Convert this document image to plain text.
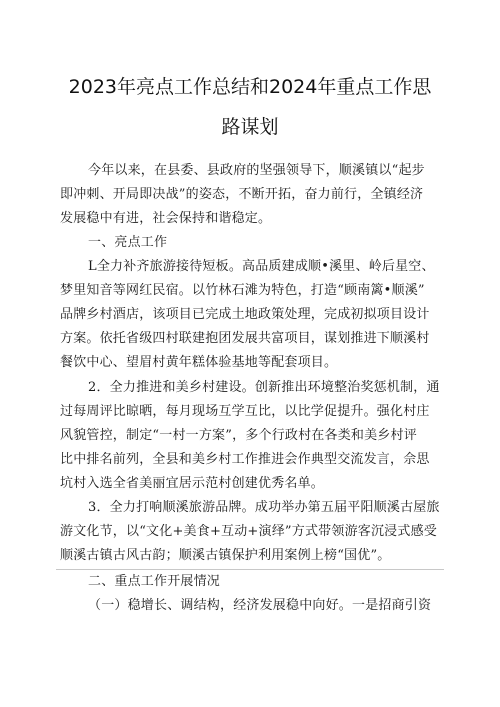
2023年亮点工作总结和2024年重点工作思
路谋划
今年以来，在县委、县政府的坚强领导下，顺溪镇以“起步
即冲刺、开局即决战”的姿态，不断开拓，奋力前行，全镇经济
发展稳中有进，社会保持和谐稳定。
一、亮点工作
L全力补齐旅游接待短板。高品质建成顺•溪里、岭后星空、
梦里知音等网红民宿。以竹林石滩为特色，打造“顾南篱•顺溪”
品牌乡村酒店，该项目已完成土地政策处理，完成初拟项目设计
方案。依托省级四村联建抱团发展共富项目，谋划推进下顺溪村
餐饮中心、望眉村黄年糕体验基地等配套项目。
2．全力推进和美乡村建设。创新推出环境整治奖惩机制，通
过每周评比晾晒，每月现场互学互比，以比学促提升。强化村庄
风貌管控，制定“一村一方案”，多个行政村在各类和美乡村评
比中排名前列，全县和美乡村工作推进会作典型交流发言，佘思
坑村入选全省美丽宜居示范村创建优秀名单。
3．全力打响顺溪旅游品牌。成功举办第五届平阳顺溪古屋旅
游文化节，以“文化+美食+互动+演绎”方式带领游客沉浸式感受
顺溪古镇古风古韵；顺溪古镇保护利用案例上榜“国优”。
二、重点工作开展情况
（一）稳增长、调结构，经济发展稳中向好。一是招商引资
